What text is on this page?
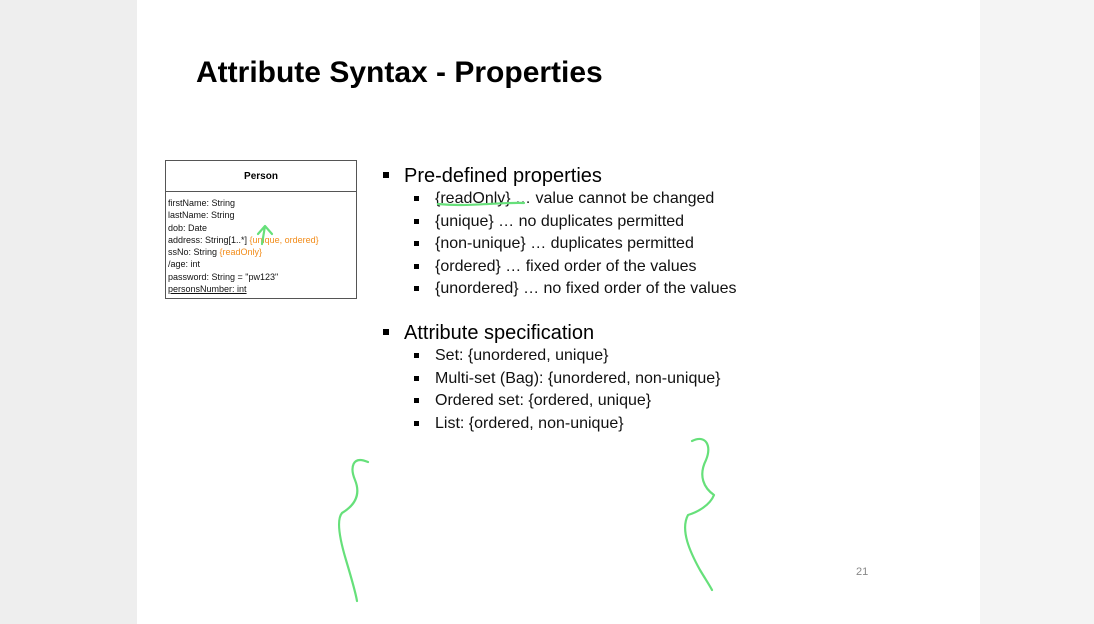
Attribute Syntax - Properties
Person
firstName: String
lastName: String
dob: Date
address: String[1..*] {unique, ordered}
ssNo: String {readOnly}
/age: int
password: String = "pw123"
personsNumber: int
Pre-defined properties
{readOnly} … value cannot be changed
{unique} … no duplicates permitted
{non-unique} … duplicates permitted
{ordered} … fixed order of the values
{unordered} … no fixed order of the values
Attribute specification
Set: {unordered, unique}
Multi-set (Bag): {unordered, non-unique}
Ordered set: {ordered, unique}
List: {ordered, non-unique}
21
